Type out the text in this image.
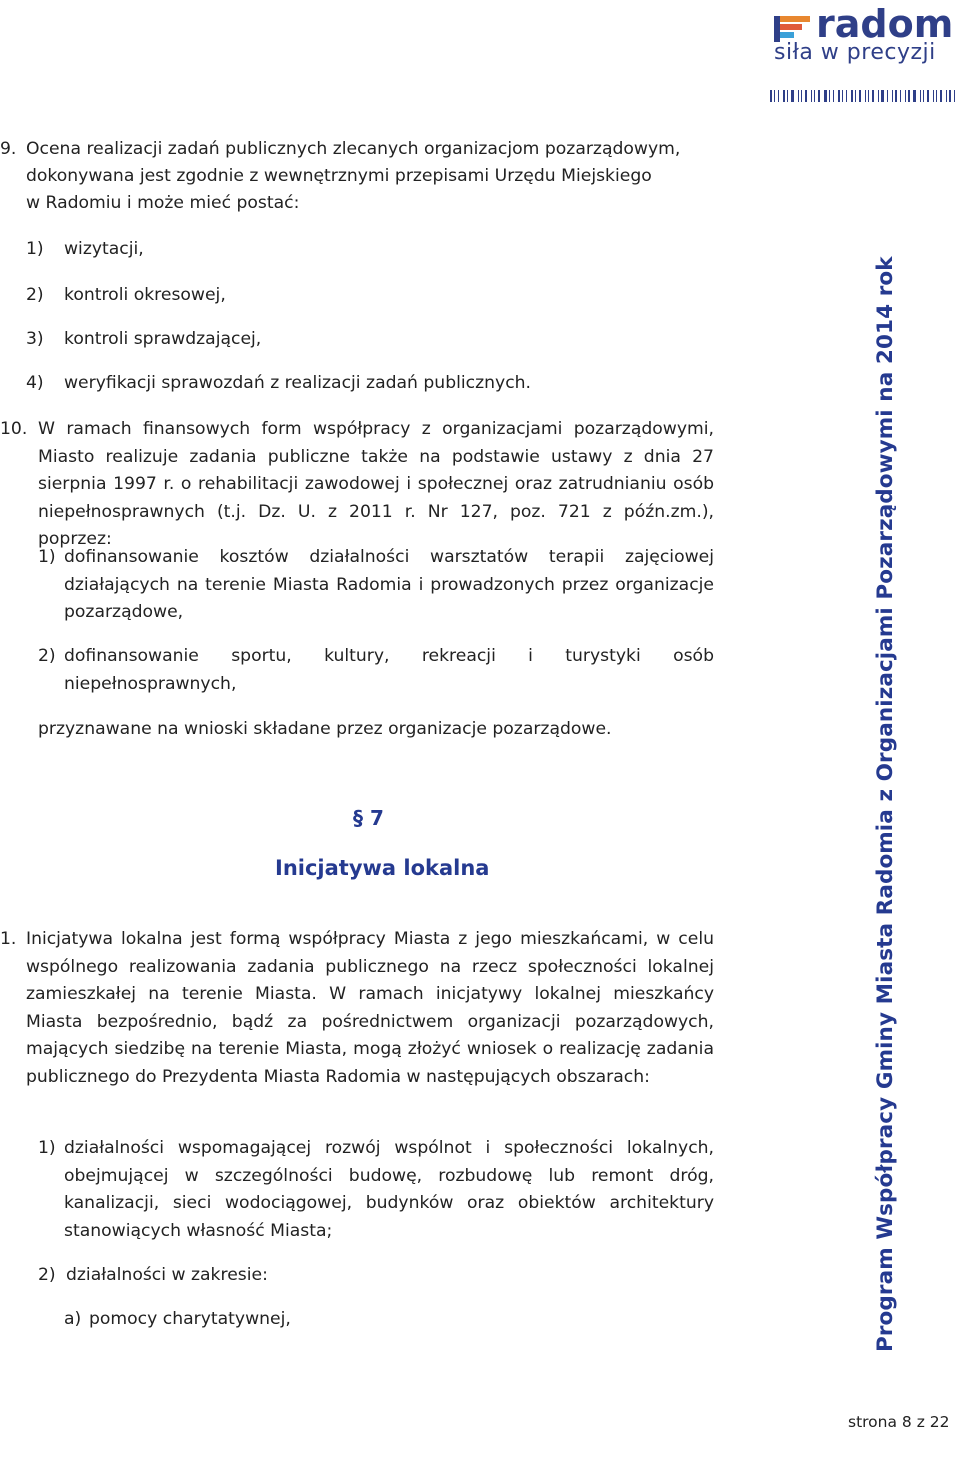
radom
siła w precyzji
Program Współpracy Gminy Miasta Radomia z Organizacjami Pozarządowymi na 2014 rok
9. Ocena realizacji zadań publicznych zlecanych organizacjom pozarządowym,
dokonywana jest zgodnie z wewnętrznymi przepisami Urzędu Miejskiego
w Radomiu i może mieć postać:
1) wizytacji,
2) kontroli okresowej,
3) kontroli sprawdzającej,
4) weryfikacji sprawozdań z realizacji zadań publicznych.
10. W ramach finansowych form współpracy z organizacjami pozarządowymi, Miasto realizuje zadania publiczne także na podstawie ustawy z dnia 27 sierpnia 1997 r. o rehabilitacji zawodowej i społecznej oraz zatrudnianiu osób niepełnosprawnych (t.j. Dz. U. z 2011 r. Nr 127, poz. 721 z późn.zm.), poprzez:
1) dofinansowanie kosztów działalności warsztatów terapii zajęciowej działających na terenie Miasta Radomia i prowadzonych przez organizacje pozarządowe,
2) dofinansowanie sportu, kultury, rekreacji i turystyki osób niepełnosprawnych,
przyznawane na wnioski składane przez organizacje pozarządowe.
§ 7
Inicjatywa lokalna
1. Inicjatywa lokalna jest formą współpracy Miasta z jego mieszkańcami, w celu wspólnego realizowania zadania publicznego na rzecz społeczności lokalnej zamieszkałej na terenie Miasta. W ramach inicjatywy lokalnej mieszkańcy Miasta bezpośrednio, bądź za pośrednictwem organizacji pozarządowych, mających siedzibę na terenie Miasta, mogą złożyć wniosek o realizację zadania publicznego do Prezydenta Miasta Radomia w następujących obszarach:
1) działalności wspomagającej rozwój wspólnot i społeczności lokalnych, obejmującej w szczególności budowę, rozbudowę lub remont dróg, kanalizacji, sieci wodociągowej, budynków oraz obiektów architektury stanowiących własność Miasta;
2) działalności w zakresie:
a) pomocy charytatywnej,
strona 8 z 22
